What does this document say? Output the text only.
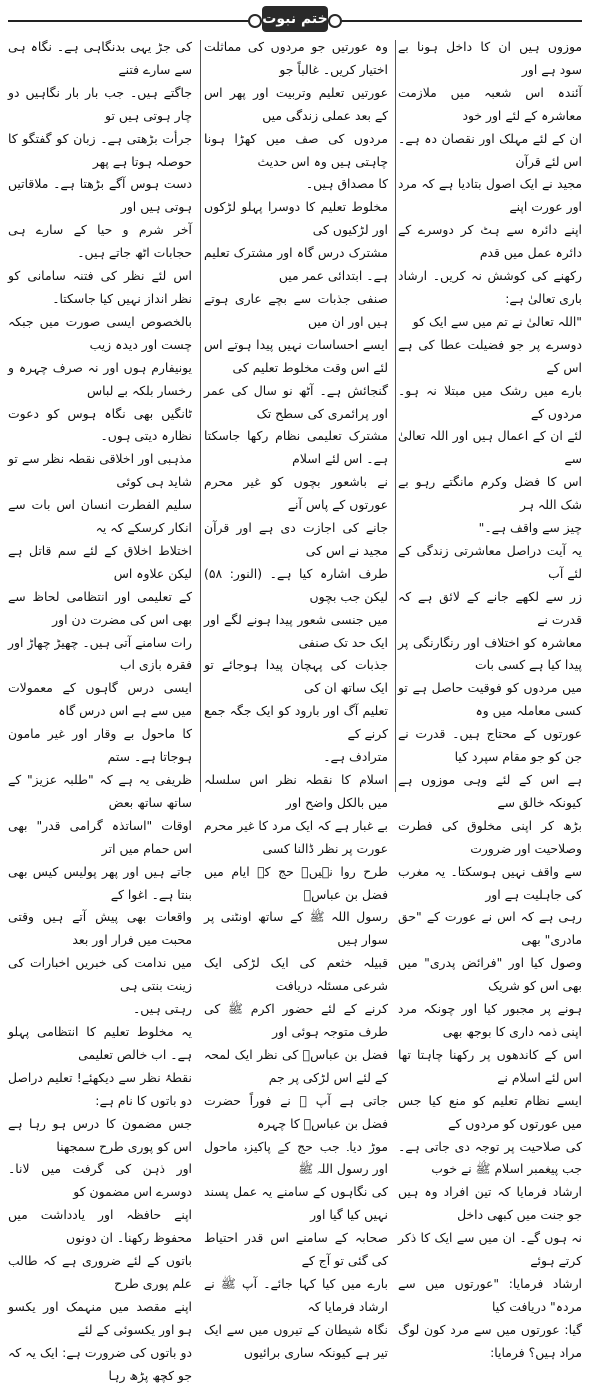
ختم نبوت

موزوں ہیں ان کا داخل ہونا بے سود ہے اور

آئندہ اس شعبہ میں ملازمت معاشرہ کے لئے اور خود

ان کے لئے مہلک اور نقصان دہ ہے۔ اس لئے قرآن

مجید نے ایک اصول بتادیا ہے کہ مرد اور عورت اپنے

اپنے دائرہ سے ہٹ کر دوسرے کے دائرہ عمل میں قدم

رکھنے کی کوشش نہ کریں۔ ارشاد باری تعالیٰ ہے:

"اللہ تعالیٰ نے تم میں سے ایک کو

دوسرے پر جو فضیلت عطا کی ہے اس کے

بارے میں رشک میں مبتلا نہ ہو۔ مردوں کے

لئے ان کے اعمال ہیں اور اللہ تعالیٰ سے

اس کا فضل وکرم مانگتے رہو بے شک اللہ ہر

چیز سے واقف ہے۔"

یہ آیت دراصل معاشرتی زندگی کے لئے آب

زر سے لکھے جانے کے لائق ہے کہ قدرت نے

معاشرہ کو اختلاف اور رنگارنگی پر پیدا کیا ہے کسی بات

میں مردوں کو فوقیت حاصل ہے تو کسی معاملہ میں وہ

عورتوں کے محتاج ہیں۔ قدرت نے جن کو جو مقام سپرد کیا

ہے اس کے لئے وہی موزوں ہے کیونکہ خالق سے

بڑھ کر اپنی مخلوق کی فطرت وصلاحیت اور ضرورت

سے واقف نہیں ہوسکتا۔ یہ مغرب کی جاہلیت ہے اور

رہی ہے کہ اس نے عورت کے "حق مادری" بھی

وصول کیا اور "فرائض پدری" میں بھی اس کو شریک

ہونے پر مجبور کیا اور چونکہ مرد اپنی ذمہ داری کا بوجھ بھی

اس کے کاندھوں پر رکھنا چاہتا تھا اس لئے اسلام نے

ایسے نظام تعلیم کو منع کیا جس میں عورتوں کو مردوں کے

کی صلاحیت پر توجہ دی جاتی ہے۔ جب پیغمبر اسلام ﷺ نے خوب

ارشاد فرمایا کہ تین افراد وہ ہیں جو جنت میں کبھی داخل

نہ ہوں گے۔ ان میں سے ایک کا ذکر کرتے ہوئے

ارشاد فرمایا: "عورتوں میں سے مردہ" دریافت کیا

گیا: عورتوں میں سے مرد کون لوگ مراد ہیں؟ فرمایا:

وہ عورتیں جو مردوں کی مماثلت اختیار کریں۔ غالباً جو

عورتیں تعلیم وتربیت اور پھر اس کے بعد عملی زندگی میں

مردوں کی صف میں کھڑا ہونا چاہتی ہیں وہ اس حدیث

کا مصداق ہیں۔

مخلوط تعلیم کا دوسرا پہلو لڑکوں اور لڑکیوں کی

مشترک درس گاہ اور مشترک تعلیم ہے۔ ابتدائی عمر میں

صنفی جذبات سے بچے عاری ہوتے ہیں اور ان میں

ایسے احساسات نہیں پیدا ہوتے اس لئے اس وقت مخلوط تعلیم کی

گنجائش ہے۔ آٹھ نو سال کی عمر اور پرائمری کی سطح تک

مشترک تعلیمی نظام رکھا جاسکتا ہے۔ اس لئے اسلام

نے باشعور بچوں کو غیر محرم عورتوں کے پاس آنے

جانے کی اجازت دی ہے اور قرآن مجید نے اس کی

طرف اشارہ کیا ہے۔ (النور: ۵۸) لیکن جب بچوں

میں جنسی شعور پیدا ہونے لگے اور ایک حد تک صنفی

جذبات کی پہچان پیدا ہوجائے تو ایک ساتھ ان کی

تعلیم آگ اور بارود کو ایک جگہ جمع کرنے کے

مترادف ہے۔

اسلام کا نقطہ نظر اس سلسلہ میں بالکل واضح اور

بے غبار ہے کہ ایک مرد کا غیر محرم عورت پر نظر ڈالنا کسی

طرح روا نہیں۔ حج کے ایام میں فضل بن عباسؓ

رسول اللہ ﷺ کے ساتھ اونٹنی پر سوار ہیں

قبیلہ خثعم کی ایک لڑکی ایک شرعی مسئلہ دریافت

کرنے کے لئے حضور اکرم ﷺ کی طرف متوجہ ہوئی اور

فضل بن عباسؓ کی نظر ایک لمحہ کے لئے اس لڑکی پر جم

جاتی ہے آپ ﷺ نے فوراً حضرت فضل بن عباسؓ کا چہرہ

موڑ دیا۔ جب حج کے پاکیزہ ماحول اور رسول اللہ ﷺ

کی نگاہوں کے سامنے یہ عمل پسند نہیں کیا گیا اور

صحابہ کے سامنے اس قدر احتیاط کی گئی تو آج کے

بارے میں کیا کہا جائے۔ آپ ﷺ نے ارشاد فرمایا کہ

نگاہ شیطان کے تیروں میں سے ایک تیر ہے کیونکہ ساری برائیوں

کی جڑ یہی بدنگاہی ہے۔ نگاہ ہی سے سارے فتنے

جاگتے ہیں۔ جب بار بار نگاہیں دو چار ہوتی ہیں تو

جرأت بڑھتی ہے۔ زبان کو گفتگو کا حوصلہ ہوتا ہے پھر

دست ہوس آگے بڑھتا ہے۔ ملاقاتیں ہوتی ہیں اور

آخر شرم و حیا کے سارے ہی حجابات اٹھ جاتے ہیں۔

اس لئے نظر کی فتنہ سامانی کو نظر انداز نہیں کیا جاسکتا۔

بالخصوص ایسی صورت میں جبکہ چست اور دیدہ زیب

یونیفارم ہوں اور نہ صرف چہرہ و رخسار بلکہ بے لباس

ٹانگیں بھی نگاہ ہوس کو دعوت نظارہ دیتی ہوں۔

مذہبی اور اخلاقی نقطہ نظر سے تو شاید ہی کوئی

سلیم الفطرت انسان اس بات سے انکار کرسکے کہ یہ

اختلاط اخلاق کے لئے سم قاتل ہے لیکن علاوہ اس

کے تعلیمی اور انتظامی لحاظ سے بھی اس کی مضرت دن اور

رات سامنے آتی ہیں۔ چھیڑ چھاڑ اور فقرہ بازی اب

ایسی درس گاہوں کے معمولات میں سے ہے اس درس گاہ

کا ماحول بے وقار اور غیر مامون ہوجاتا ہے۔ ستم

ظریفی یہ ہے کہ "طلبہ عزیز" کے ساتھ ساتھ بعض

اوقات "اساتذہ گرامی قدر" بھی اس حمام میں اتر

جاتے ہیں اور پھر پولیس کیس بھی بنتا ہے۔ اغوا کے

واقعات بھی پیش آتے ہیں وقتی محبت میں فرار اور بعد

میں ندامت کی خبریں اخبارات کی زینت بنتی ہی

رہتی ہیں۔

یہ مخلوط تعلیم کا انتظامی پہلو ہے۔ اب خالص تعلیمی

نقطۂ نظر سے دیکھئے! تعلیم دراصل دو باتوں کا نام ہے:

جس مضمون کا درس ہو رہا ہے اس کو پوری طرح سمجھنا

اور ذہن کی گرفت میں لانا۔ دوسرے اس مضمون کو

اپنے حافظہ اور یادداشت میں محفوظ رکھنا۔ ان دونوں

باتوں کے لئے ضروری ہے کہ طالب علم پوری طرح

اپنے مقصد میں منہمک اور یکسو ہو اور یکسوئی کے لئے

دو باتوں کی ضرورت ہے: ایک یہ کہ جو کچھ پڑھ رہا
